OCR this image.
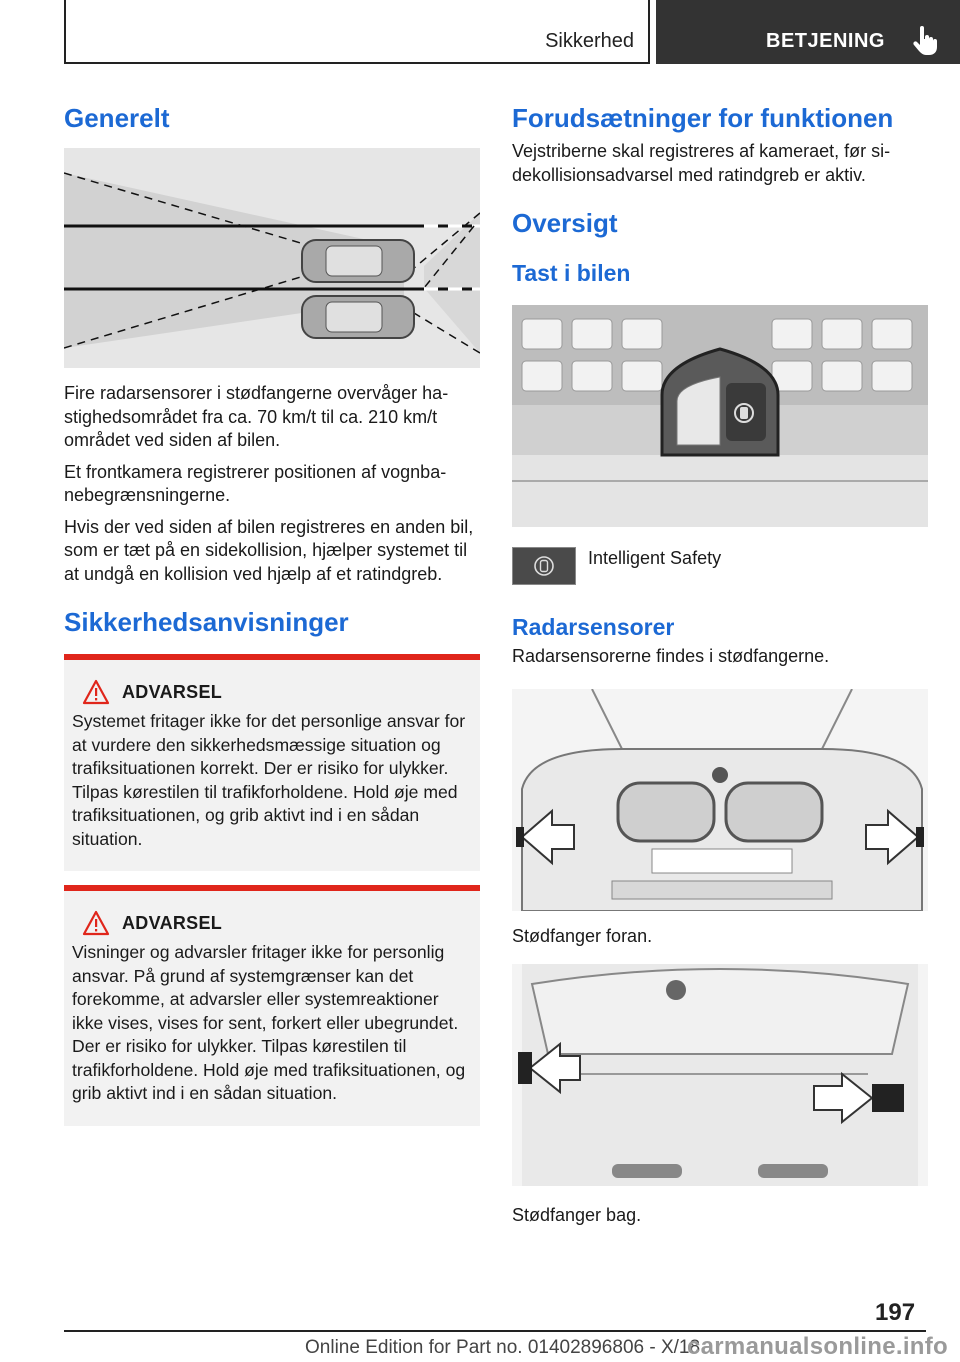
Sikkerhed	BETJENING
Generelt

Fire radarsensorer i stødfangerne overvåger hastighedsområdet fra ca. 70 km/t til ca. 210 km/t området ved siden af bilen.

Et frontkamera registrerer positionen af vognbanebegrænsningerne.

Hvis der ved siden af bilen registreres en anden bil, som er tæt på en sidekollision, hjælper systemet til at undgå en kollision ved hjælp af et ratindgreb.

Sikkerhedsanvisninger
ADVARSEL

Systemet fritager ikke for det personlige ansvar for at vurdere den sikkerhedsmæssige situation og trafiksituationen korrekt. Der er risiko for ulykker. Tilpas kørestilen til trafikforholdene. Hold øje med trafiksituationen, og grib aktivt ind i en sådan situation.

ADVARSEL

Visninger og advarsler fritager ikke for personlig ansvar. På grund af systemgrænser kan det forekomme, at advarsler eller systemreaktioner ikke vises, vises for sent, forkert eller ubegrundet. Der er risiko for ulykker. Tilpas kørestilen til trafikforholdene. Hold øje med trafiksituationen, og grib aktivt ind i en sådan situation.

Forudsætninger for funktionen

Vejstriberne skal registreres af kameraet, før sidekollisionsadvarsel med ratindgreb er aktiv.

Oversigt
Tast i bilen

Intelligent Safety

Radarsensorer

Radarsensorerne findes i stødfangerne.

Stødfanger foran.

Stødfanger bag.

197
Online Edition for Part no. 01402896806 - X/18
carmanualsonline.info
